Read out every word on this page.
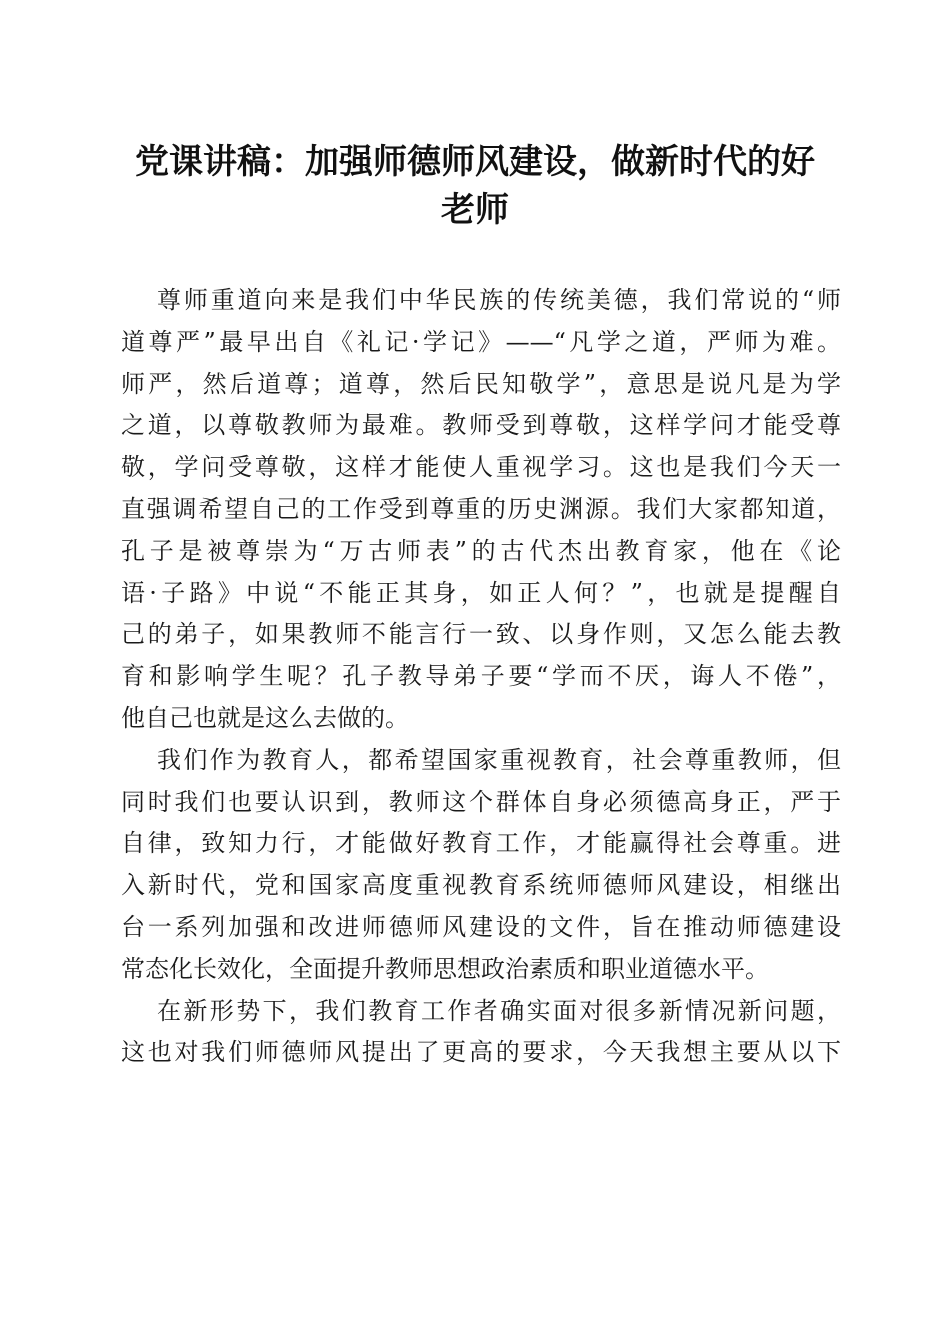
党课讲稿：加强师德师风建设，做新时代的好
老师
尊师重道向来是我们中华民族的传统美德，我们常说的“师
道尊严”最早出自《礼记·学记》——“凡学之道，严师为难。
师严，然后道尊；道尊，然后民知敬学”，意思是说凡是为学
之道，以尊敬教师为最难。教师受到尊敬，这样学问才能受尊
敬，学问受尊敬，这样才能使人重视学习。这也是我们今天一
直强调希望自己的工作受到尊重的历史渊源。我们大家都知道，
孔子是被尊崇为“万古师表”的古代杰出教育家，他在《论
语·子路》中说“不能正其身，如正人何？”，也就是提醒自
己的弟子，如果教师不能言行一致、以身作则，又怎么能去教
育和影响学生呢？孔子教导弟子要“学而不厌，诲人不倦”，
他自己也就是这么去做的。
我们作为教育人，都希望国家重视教育，社会尊重教师，但
同时我们也要认识到，教师这个群体自身必须德高身正，严于
自律，致知力行，才能做好教育工作，才能赢得社会尊重。进
入新时代，党和国家高度重视教育系统师德师风建设，相继出
台一系列加强和改进师德师风建设的文件，旨在推动师德建设
常态化长效化，全面提升教师思想政治素质和职业道德水平。
在新形势下，我们教育工作者确实面对很多新情况新问题，
这也对我们师德师风提出了更高的要求，今天我想主要从以下
